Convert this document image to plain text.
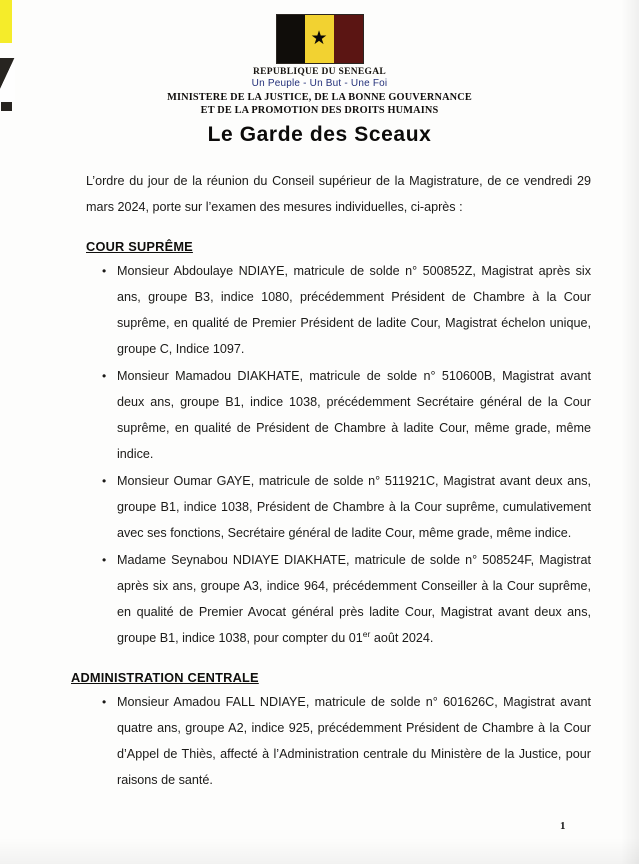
★
REPUBLIQUE DU SENEGAL
Un Peuple - Un But - Une Foi
MINISTERE DE LA JUSTICE, DE LA BONNE GOUVERNANCE
ET DE LA PROMOTION DES DROITS HUMAINS
Le Garde des Sceaux

L’ordre du jour de la réunion du Conseil supérieur de la Magistrature, de ce vendredi 29 mars 2024, porte sur l’examen des mesures individuelles, ci-après :

COUR SUPRÊME
• Monsieur Abdoulaye NDIAYE, matricule de solde n° 500852Z, Magistrat après six ans, groupe B3, indice 1080, précédemment Président de Chambre à la Cour suprême, en qualité de Premier Président de ladite Cour, Magistrat échelon unique, groupe C, Indice 1097.
• Monsieur Mamadou DIAKHATE, matricule de solde n° 510600B, Magistrat avant deux ans, groupe B1, indice 1038, précédemment Secrétaire général de la Cour suprême, en qualité de Président de Chambre à ladite Cour, même grade, même indice.
• Monsieur Oumar GAYE, matricule de solde n° 511921C, Magistrat avant deux ans, groupe B1, indice 1038, Président de Chambre à la Cour suprême, cumulativement avec ses fonctions, Secrétaire général de ladite Cour, même grade, même indice.
• Madame Seynabou NDIAYE DIAKHATE, matricule de solde n° 508524F, Magistrat après six ans, groupe A3, indice 964, précédemment Conseiller à la Cour suprême, en qualité de Premier Avocat général près ladite Cour, Magistrat avant deux ans, groupe B1, indice 1038, pour compter du 01er août 2024.
ADMINISTRATION CENTRALE
• Monsieur Amadou FALL NDIAYE, matricule de solde n° 601626C, Magistrat avant quatre ans, groupe A2, indice 925, précédemment Président de Chambre à la Cour d’Appel de Thiès, affecté à l’Administration centrale du Ministère de la Justice, pour raisons de santé.
1
